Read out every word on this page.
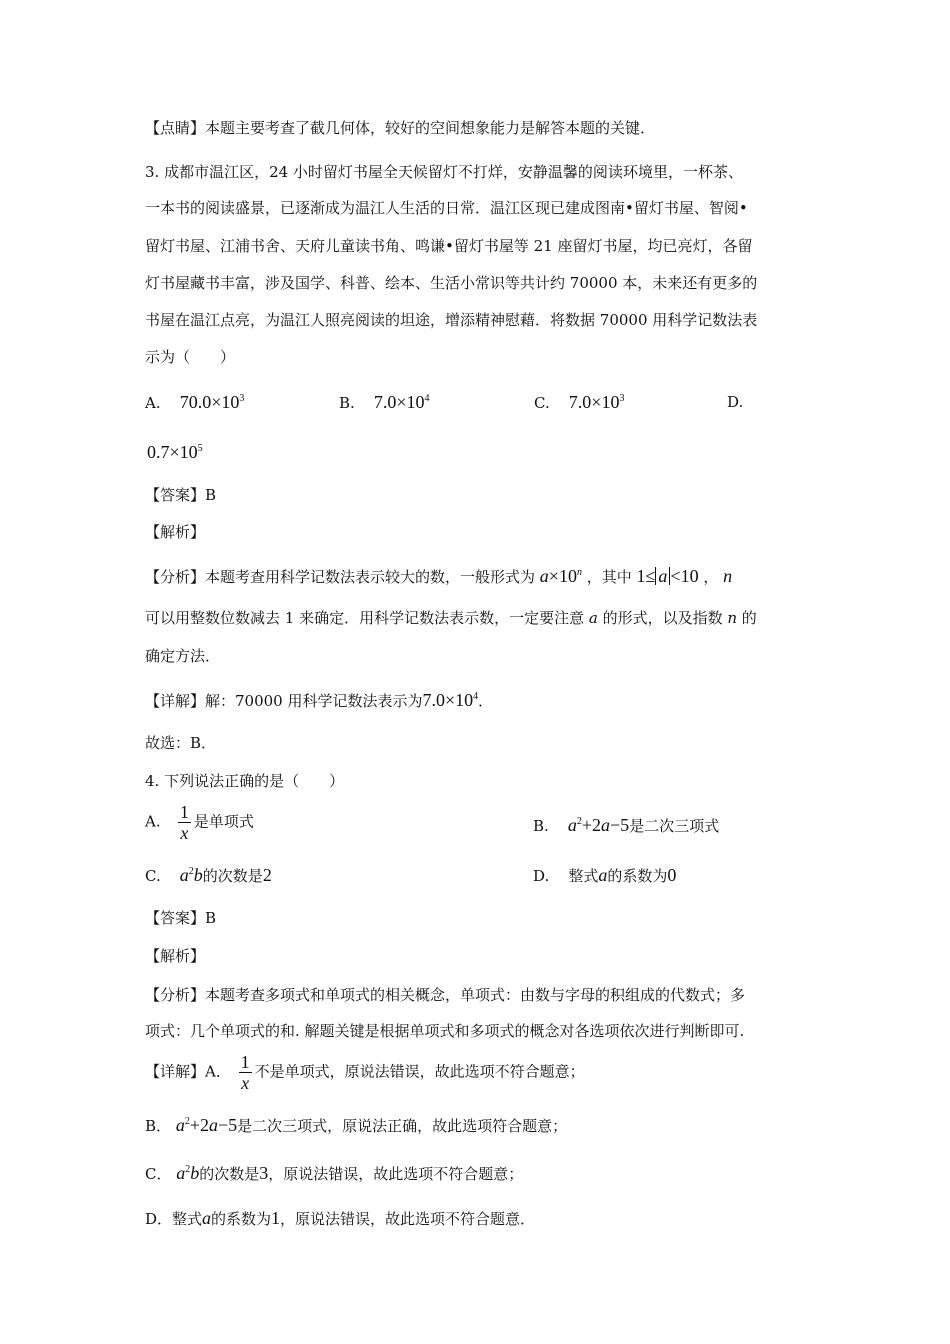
【点睛】本题主要考查了截几何体，较好的空间想象能力是解答本题的关键．
3. 成都市温江区，24 小时留灯书屋全天候留灯不打烊，安静温馨的阅读环境里，一杯茶、
一本书的阅读盛景，已逐渐成为温江人生活的日常．温江区现已建成图南•留灯书屋、智阅•
留灯书屋、江浦书舍、天府儿童读书角、鸣谦•留灯书屋等 21 座留灯书屋，均已亮灯，各留
灯书屋藏书丰富，涉及国学、科普、绘本、生活小常识等共计约 70000 本，未来还有更多的
书屋在温江点亮，为温江人照亮阅读的坦途，增添精神慰藉．将数据 70000 用科学记数法表
示为（　　）
A. $70.0\times 10^3$	B. $7.0\times 10^4$	C. $7.0\times 10^3$	D.
$0.7\times 10^5$
【答案】B
【解析】
【分析】本题考查用科学记数法表示较大的数，一般形式为 $a\times 10^n$ ，其中 1≤ a <10 ， n
可以用整数位数减去 1 来确定．用科学记数法表示数，一定要注意 a 的形式，以及指数 n 的
确定方法．
【详解】解：70000 用科学记数法表示为$7.0\times 10^4$．
故选：B．
4. 下列说法正确的是（　　）
A. $\frac{1}{x}$ 是单项式	B. $a^2+2a-5$是二次三项式
C. $a^2b$的次数是2	D. 整式a的系数为0
【答案】B
【解析】
【分析】本题考查多项式和单项式的相关概念，单项式：由数与字母的积组成的代数式；多
项式：几个单项式的和. 解题关键是根据单项式和多项式的概念对各选项依次进行判断即可.
【详解】A． $\frac{1}{x}$ 不是单项式，原说法错误，故此选项不符合题意；
B． $a^2+2a-5$是二次三项式，原说法正确，故此选项符合题意；
C． $a^2b$的次数是3，原说法错误，故此选项不符合题意；
D．整式a的系数为1，原说法错误，故此选项不符合题意．
